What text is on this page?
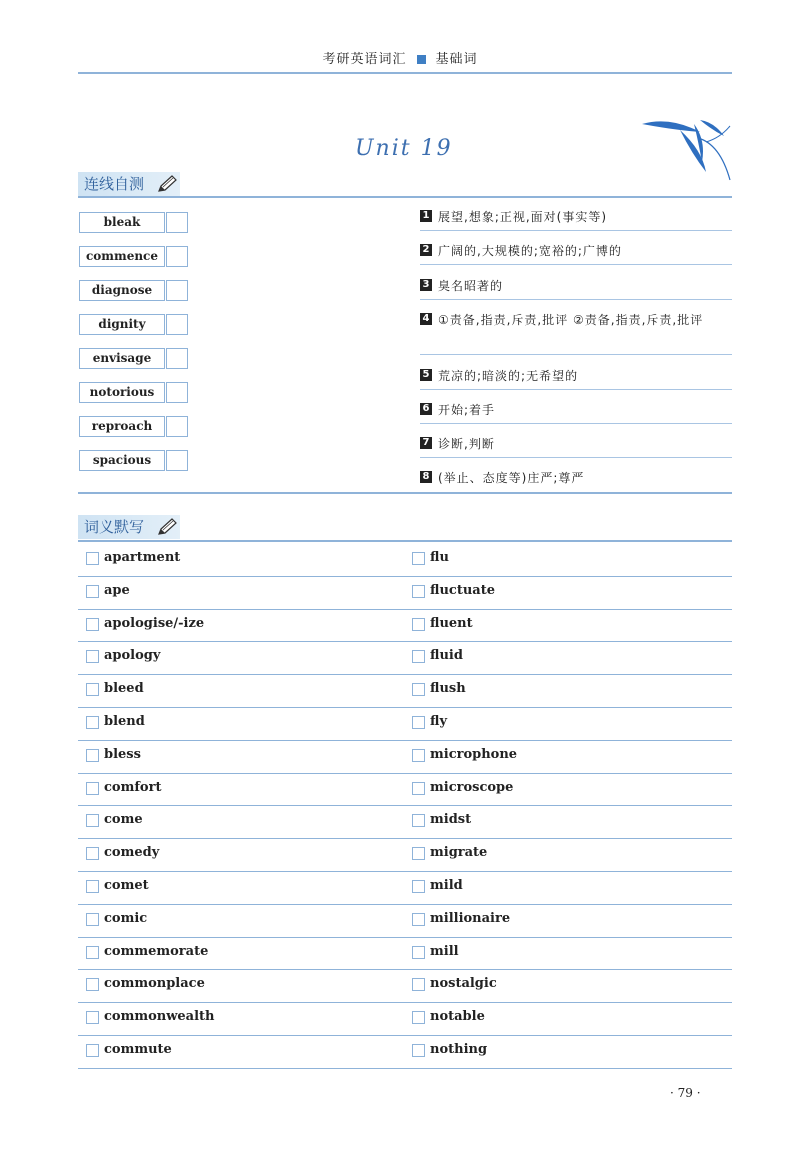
考研英语词汇 基础词
Unit 19
连线自测
bleak
commence
diagnose
dignity
envisage
notorious
reproach
spacious
1 展望,想象;正视,面对(事实等)
2 广阔的,大规模的;宽裕的;广博的
3 臭名昭著的
4 ①责备,指责,斥责,批评 ②责备,指责,斥责,批评
5 荒凉的;暗淡的;无希望的
6 开始;着手
7 诊断,判断
8 (举止、态度等)庄严;尊严
词义默写
apartment	flu
ape	fluctuate
apologise/-ize	fluent
apology	fluid
bleed	flush
blend	fly
bless	microphone
comfort	microscope
come	midst
comedy	migrate
comet	mild
comic	millionaire
commemorate	mill
commonplace	nostalgic
commonwealth	notable
commute	nothing
· 79 ·
